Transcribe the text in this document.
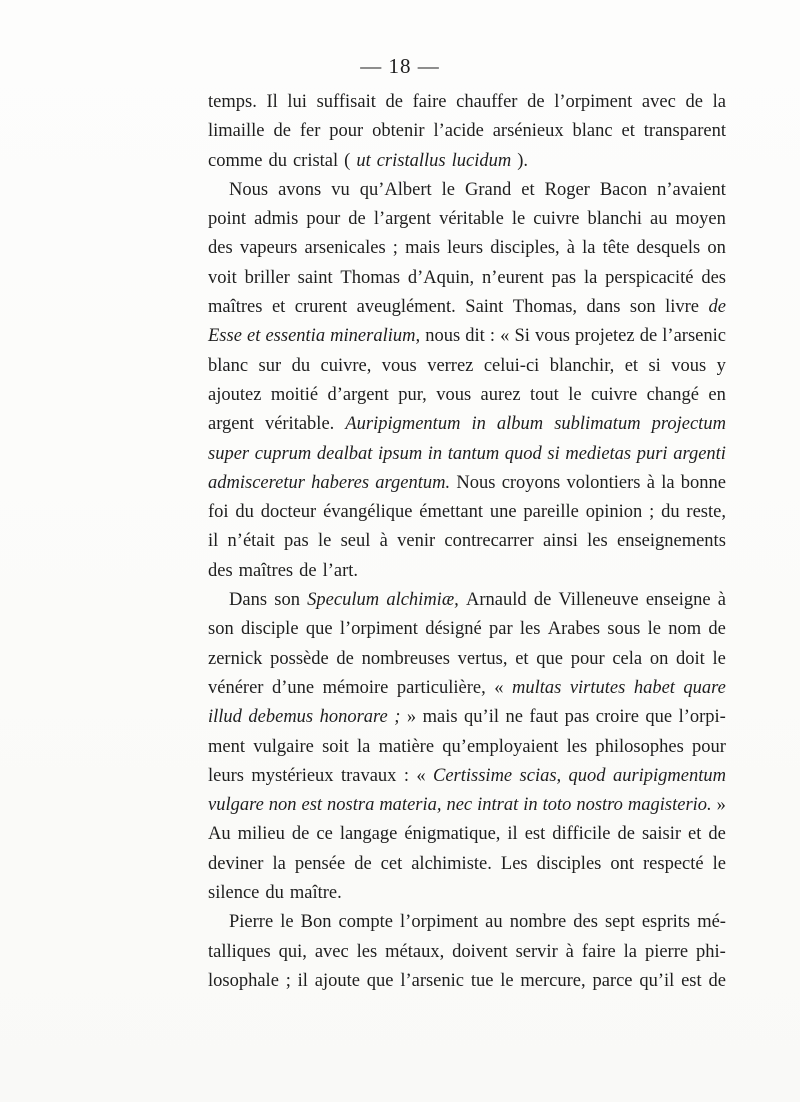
— 18 —
temps. Il lui suffisait de faire chauffer de l’orpiment avec de la
limaille de fer pour obtenir l’acide arsénieux blanc et transparent
comme du cristal ( ut cristallus lucidum ).
Nous avons vu qu’Albert le Grand et Roger Bacon n’avaient
point admis pour de l’argent véritable le cuivre blanchi au moyen
des vapeurs arsenicales ; mais leurs disciples, à la tête desquels on
voit briller saint Thomas d’Aquin, n’eurent pas la perspicacité des
maîtres et crurent aveuglément. Saint Thomas, dans son livre de
Esse et essentia mineralium, nous dit : « Si vous projetez de l’arsenic
blanc sur du cuivre, vous verrez celui-ci blanchir, et si vous y
ajoutez moitié d’argent pur, vous aurez tout le cuivre changé en
argent véritable. Auripigmentum in album sublimatum projectum
super cuprum dealbat ipsum in tantum quod si medietas puri argenti
admisceretur haberes argentum. Nous croyons volontiers à la bonne
foi du docteur évangélique émettant une pareille opinion ; du reste,
il n’était pas le seul à venir contrecarrer ainsi les enseignements
des maîtres de l’art.
Dans son Speculum alchimiæ, Arnauld de Villeneuve enseigne à
son disciple que l’orpiment désigné par les Arabes sous le nom de
zernick possède de nombreuses vertus, et que pour cela on doit le
vénérer d’une mémoire particulière, « multas virtutes habet quare
illud debemus honorare ; » mais qu’il ne faut pas croire que l’orpi-
ment vulgaire soit la matière qu’employaient les philosophes pour
leurs mystérieux travaux : « Certissime scias, quod auripigmentum
vulgare non est nostra materia, nec intrat in toto nostro magisterio. »
Au milieu de ce langage énigmatique, il est difficile de saisir et de
deviner la pensée de cet alchimiste. Les disciples ont respecté le
silence du maître.
Pierre le Bon compte l’orpiment au nombre des sept esprits mé-
talliques qui, avec les métaux, doivent servir à faire la pierre phi-
losophale ; il ajoute que l’arsenic tue le mercure, parce qu’il est de
